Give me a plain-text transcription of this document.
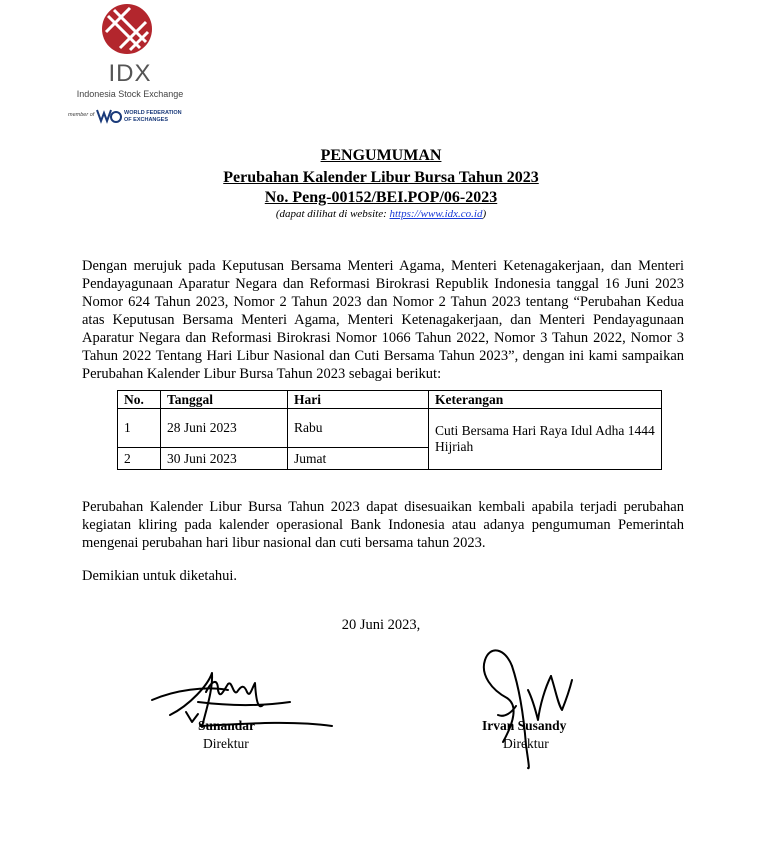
IDX
Indonesia Stock Exchange
member of	WORLD FEDERATION
OF EXCHANGES
PENGUMUMAN
Perubahan Kalender Libur Bursa Tahun 2023
No. Peng-00152/BEI.POP/06-2023
(dapat dilihat di website: https://www.idx.co.id)
Dengan merujuk pada Keputusan Bersama Menteri Agama, Menteri Ketenagakerjaan, dan Menteri Pendayagunaan Aparatur Negara dan Reformasi Birokrasi Republik Indonesia tanggal 16 Juni 2023 Nomor 624 Tahun 2023, Nomor 2 Tahun 2023 dan Nomor 2 Tahun 2023 tentang “Perubahan Kedua atas Keputusan Bersama Menteri Agama, Menteri Ketenagakerjaan, dan Menteri Pendayagunaan Aparatur Negara dan Reformasi Birokrasi Nomor 1066 Tahun 2022, Nomor 3 Tahun 2022, Nomor 3 Tahun 2022 Tentang Hari Libur Nasional dan Cuti Bersama Tahun 2023”, dengan ini kami sampaikan Perubahan Kalender Libur Bursa Tahun 2023 sebagai berikut:
No.	Tanggal	Hari	Keterangan
1	28 Juni 2023	Rabu	Cuti Bersama Hari Raya Idul Adha 1444 Hijriah
2	30 Juni 2023	Jumat	
Perubahan Kalender Libur Bursa Tahun 2023 dapat disesuaikan kembali apabila terjadi perubahan kegiatan kliring pada kalender operasional Bank Indonesia atau adanya pengumuman Pemerintah mengenai perubahan hari libur nasional dan cuti bersama tahun 2023.
Demikian untuk diketahui.
20 Juni 2023,
Sunandar
Direktur
Irvan Susandy
Direktur
